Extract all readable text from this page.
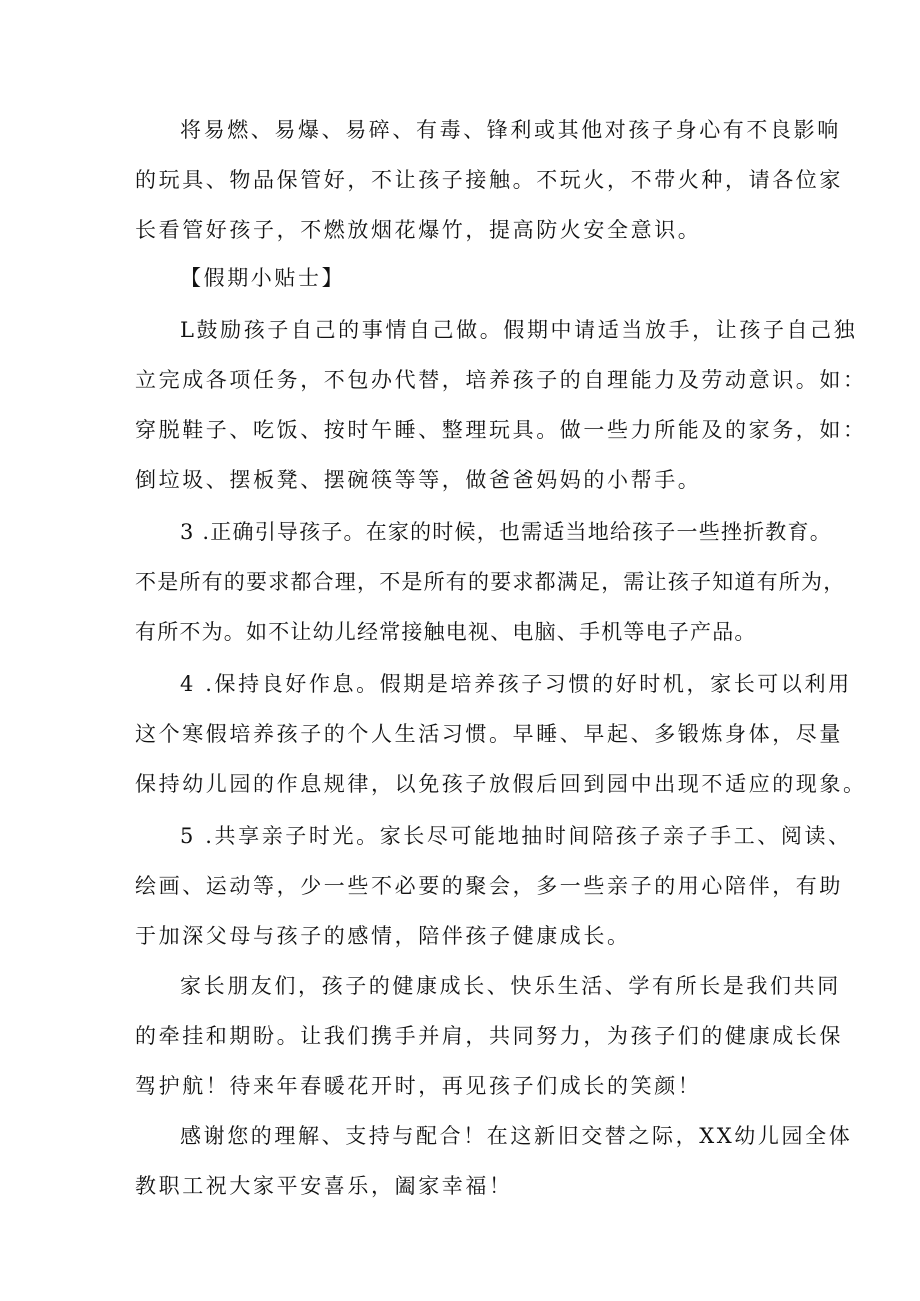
将易燃、易爆、易碎、有毒、锋利或其他对孩子身心有不良影响
的玩具、物品保管好，不让孩子接触。不玩火，不带火种，请各位家
长看管好孩子，不燃放烟花爆竹，提高防火安全意识。
【假期小贴士】
L鼓励孩子自己的事情自己做。假期中请适当放手，让孩子自己独
立完成各项任务，不包办代替，培养孩子的自理能力及劳动意识。如：
穿脱鞋子、吃饭、按时午睡、整理玩具。做一些力所能及的家务，如：
倒垃圾、摆板凳、摆碗筷等等，做爸爸妈妈的小帮手。
3 .正确引导孩子。在家的时候，也需适当地给孩子一些挫折教育。
不是所有的要求都合理，不是所有的要求都满足，需让孩子知道有所为，
有所不为。如不让幼儿经常接触电视、电脑、手机等电子产品。
4 .保持良好作息。假期是培养孩子习惯的好时机，家长可以利用
这个寒假培养孩子的个人生活习惯。早睡、早起、多锻炼身体，尽量
保持幼儿园的作息规律，以免孩子放假后回到园中出现不适应的现象。
5 .共享亲子时光。家长尽可能地抽时间陪孩子亲子手工、阅读、
绘画、运动等，少一些不必要的聚会，多一些亲子的用心陪伴，有助
于加深父母与孩子的感情，陪伴孩子健康成长。
家长朋友们，孩子的健康成长、快乐生活、学有所长是我们共同
的牵挂和期盼。让我们携手并肩，共同努力，为孩子们的健康成长保
驾护航！待来年春暖花开时，再见孩子们成长的笑颜！
感谢您的理解、支持与配合！在这新旧交替之际，XX幼儿园全体
教职工祝大家平安喜乐，阖家幸福！
